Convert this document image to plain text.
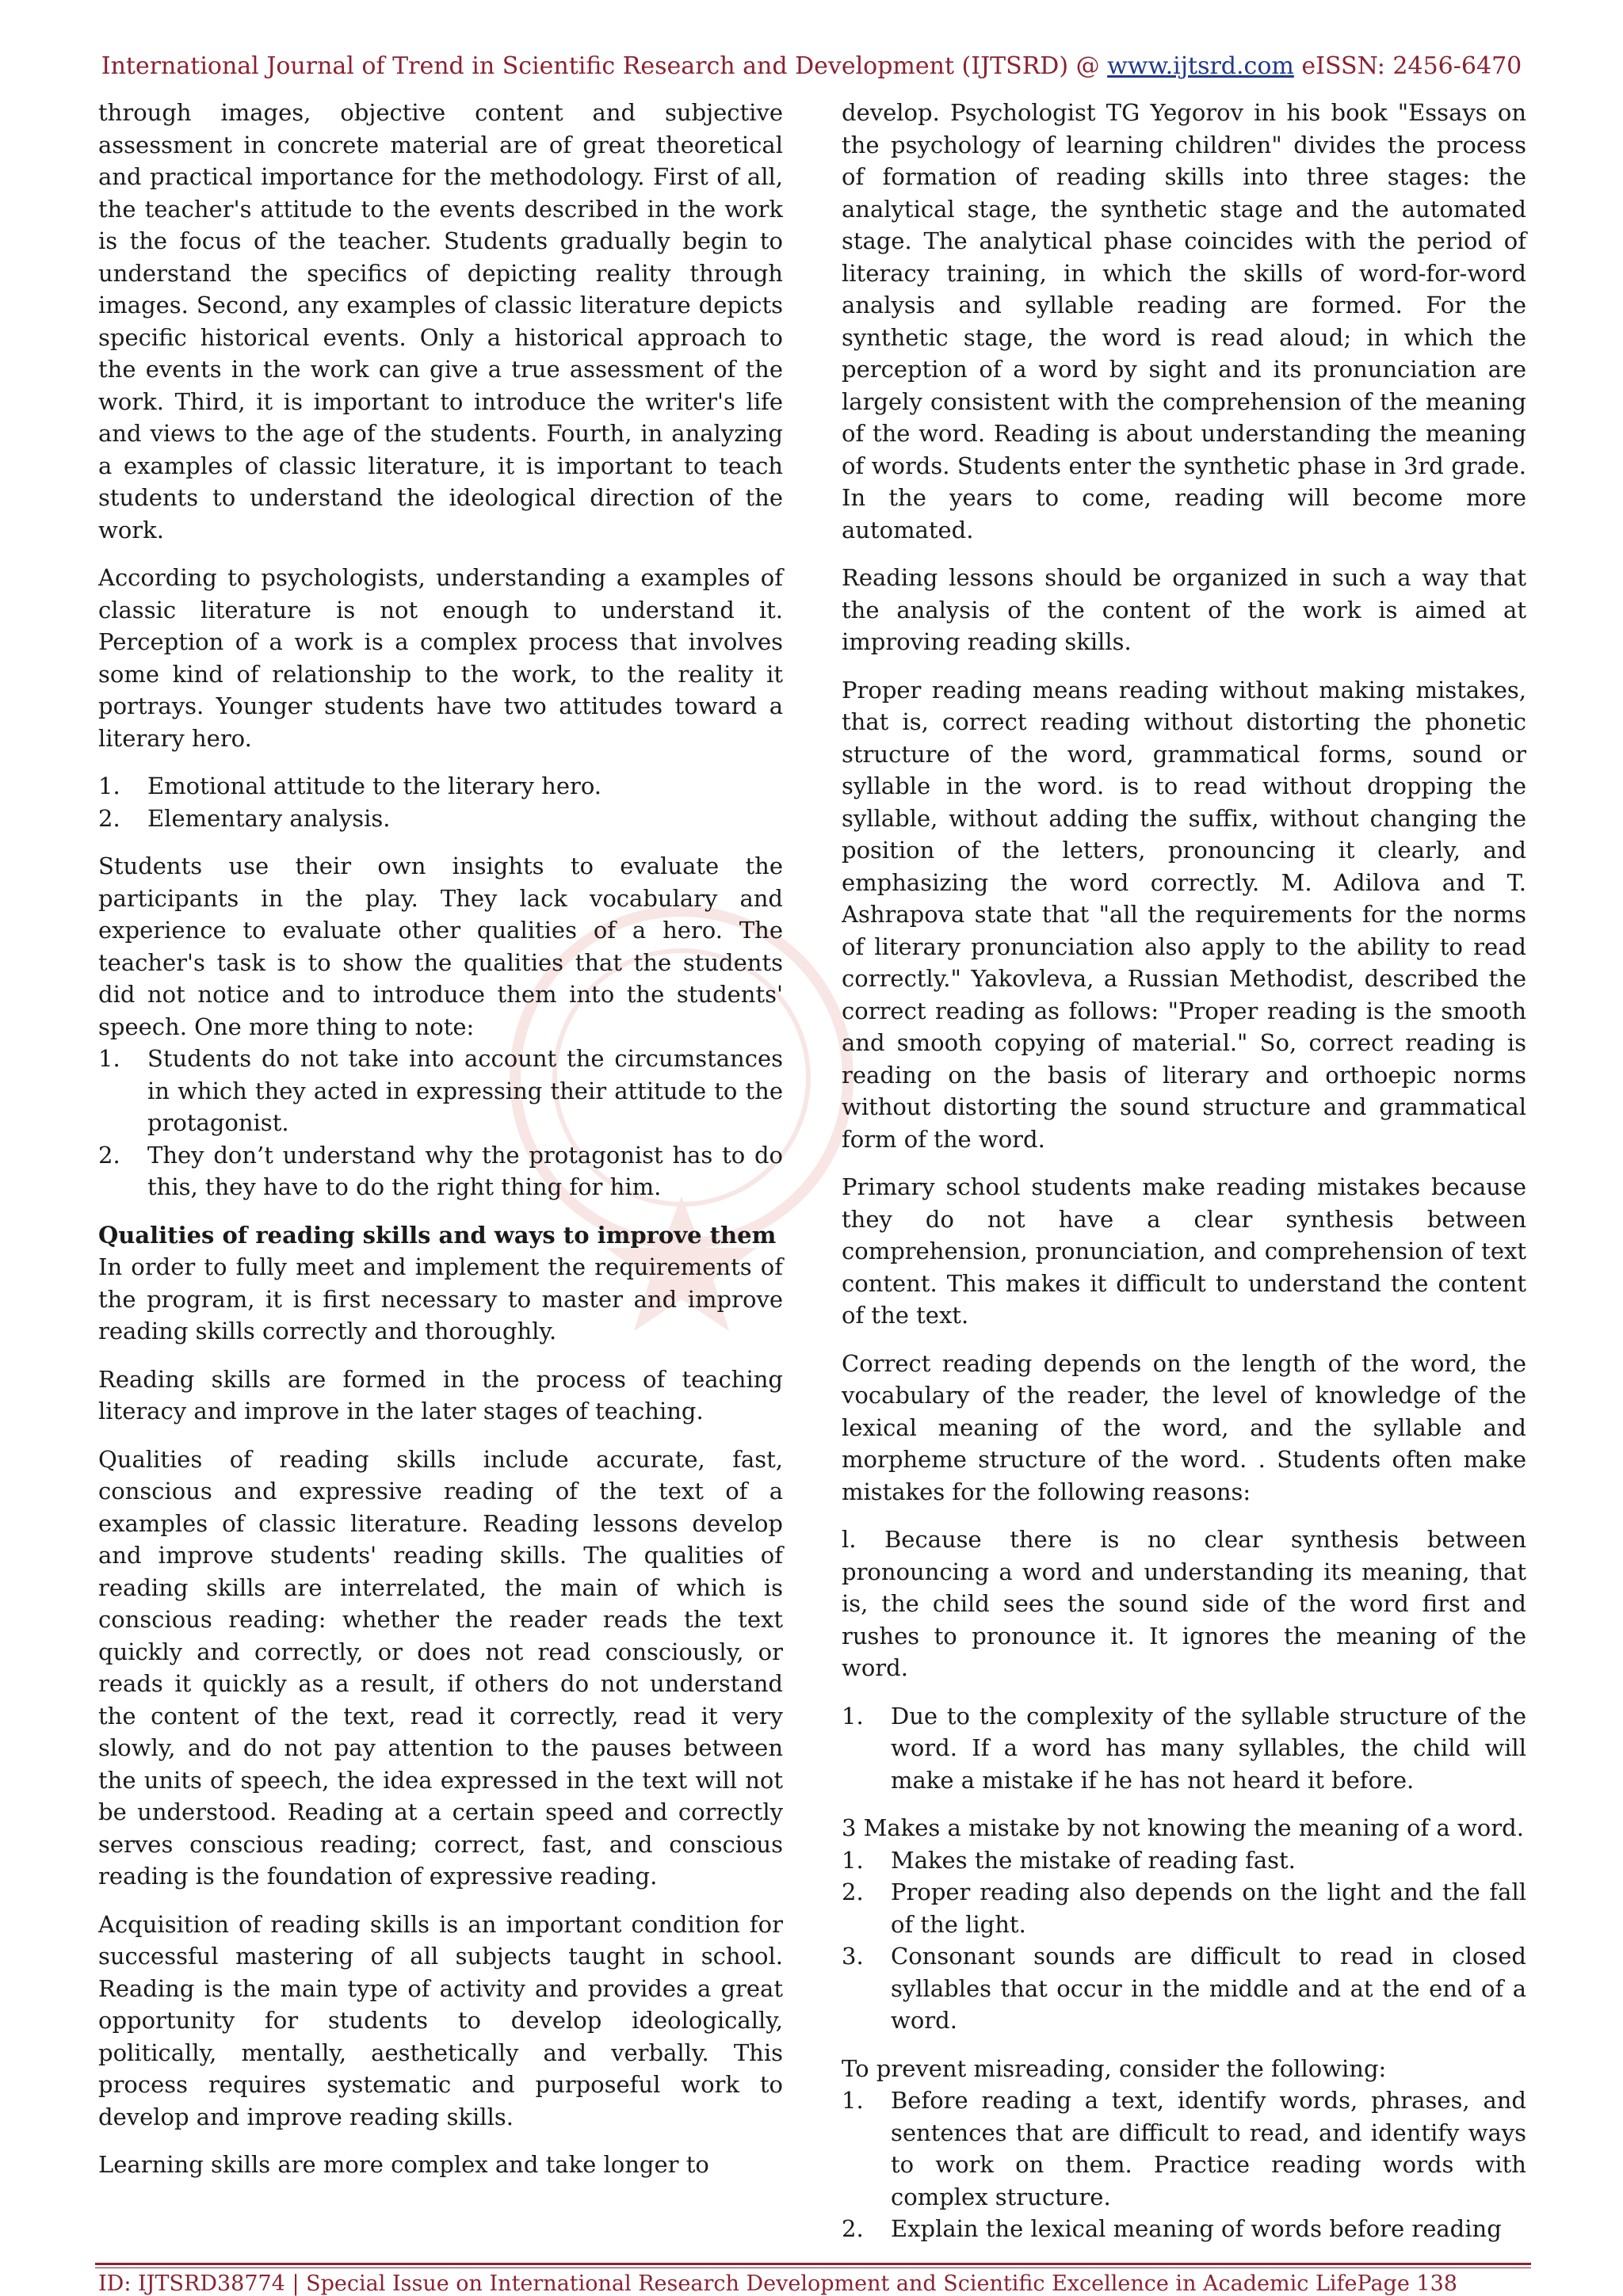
International Journal of Trend in Scientific Research and Development (IJTSRD) @ www.ijtsrd.com eISSN: 2456-6470

through images, objective content and subjective assessment in concrete material are of great theoretical and practical importance for the methodology. First of all, the teacher's attitude to the events described in the work is the focus of the teacher. Students gradually begin to understand the specifics of depicting reality through images. Second, any examples of classic literature depicts specific historical events. Only a historical approach to the events in the work can give a true assessment of the work. Third, it is important to introduce the writer's life and views to the age of the students. Fourth, in analyzing a examples of classic literature, it is important to teach students to understand the ideological direction of the work.

According to psychologists, understanding a examples of classic literature is not enough to understand it. Perception of a work is a complex process that involves some kind of relationship to the work, to the reality it portrays. Younger students have two attitudes toward a literary hero.

1. Emotional attitude to the literary hero.
2. Elementary analysis.

Students use their own insights to evaluate the participants in the play. They lack vocabulary and experience to evaluate other qualities of a hero. The teacher's task is to show the qualities that the students did not notice and to introduce them into the students' speech. One more thing to note:

1. Students do not take into account the circumstances in which they acted in expressing their attitude to the protagonist.
2. They don’t understand why the protagonist has to do this, they have to do the right thing for him.
Qualities of reading skills and ways to improve them

In order to fully meet and implement the requirements of the program, it is first necessary to master and improve reading skills correctly and thoroughly.

Reading skills are formed in the process of teaching literacy and improve in the later stages of teaching.

Qualities of reading skills include accurate, fast, conscious and expressive reading of the text of a examples of classic literature. Reading lessons develop and improve students' reading skills. The qualities of reading skills are interrelated, the main of which is conscious reading: whether the reader reads the text quickly and correctly, or does not read consciously, or reads it quickly as a result, if others do not understand the content of the text, read it correctly, read it very slowly, and do not pay attention to the pauses between the units of speech, the idea expressed in the text will not be understood. Reading at a certain speed and correctly serves conscious reading; correct, fast, and conscious reading is the foundation of expressive reading.

Acquisition of reading skills is an important condition for successful mastering of all subjects taught in school. Reading is the main type of activity and provides a great opportunity for students to develop ideologically, politically, mentally, aesthetically and verbally. This process requires systematic and purposeful work to develop and improve reading skills.

Learning skills are more complex and take longer to

develop. Psychologist TG Yegorov in his book "Essays on the psychology of learning children" divides the process of formation of reading skills into three stages: the analytical stage, the synthetic stage and the automated stage. The analytical phase coincides with the period of literacy training, in which the skills of word-for-word analysis and syllable reading are formed. For the synthetic stage, the word is read aloud; in which the perception of a word by sight and its pronunciation are largely consistent with the comprehension of the meaning of the word. Reading is about understanding the meaning of words. Students enter the synthetic phase in 3rd grade. In the years to come, reading will become more automated.

Reading lessons should be organized in such a way that the analysis of the content of the work is aimed at improving reading skills.

Proper reading means reading without making mistakes, that is, correct reading without distorting the phonetic structure of the word, grammatical forms, sound or syllable in the word. is to read without dropping the syllable, without adding the suffix, without changing the position of the letters, pronouncing it clearly, and emphasizing the word correctly. M. Adilova and T. Ashrapova state that "all the requirements for the norms of literary pronunciation also apply to the ability to read correctly." Yakovleva, a Russian Methodist, described the correct reading as follows: "Proper reading is the smooth and smooth copying of material." So, correct reading is reading on the basis of literary and orthoepic norms without distorting the sound structure and grammatical form of the word.

Primary school students make reading mistakes because they do not have a clear synthesis between comprehension, pronunciation, and comprehension of text content. This makes it difficult to understand the content of the text.

Correct reading depends on the length of the word, the vocabulary of the reader, the level of knowledge of the lexical meaning of the word, and the syllable and morpheme structure of the word. . Students often make mistakes for the following reasons:

l. Because there is no clear synthesis between pronouncing a word and understanding its meaning, that is, the child sees the sound side of the word first and rushes to pronounce it. It ignores the meaning of the word.

1. Due to the complexity of the syllable structure of the word. If a word has many syllables, the child will make a mistake if he has not heard it before.

3 Makes a mistake by not knowing the meaning of a word.

1. Makes the mistake of reading fast.
2. Proper reading also depends on the light and the fall of the light.
3. Consonant sounds are difficult to read in closed syllables that occur in the middle and at the end of a word.

To prevent misreading, consider the following:

1. Before reading a text, identify words, phrases, and sentences that are difficult to read, and identify ways to work on them. Practice reading words with complex structure.
2. Explain the lexical meaning of words before reading
ID: IJTSRD38774 | Special Issue on International Research Development and Scientific Excellence in Academic LifePage 138
